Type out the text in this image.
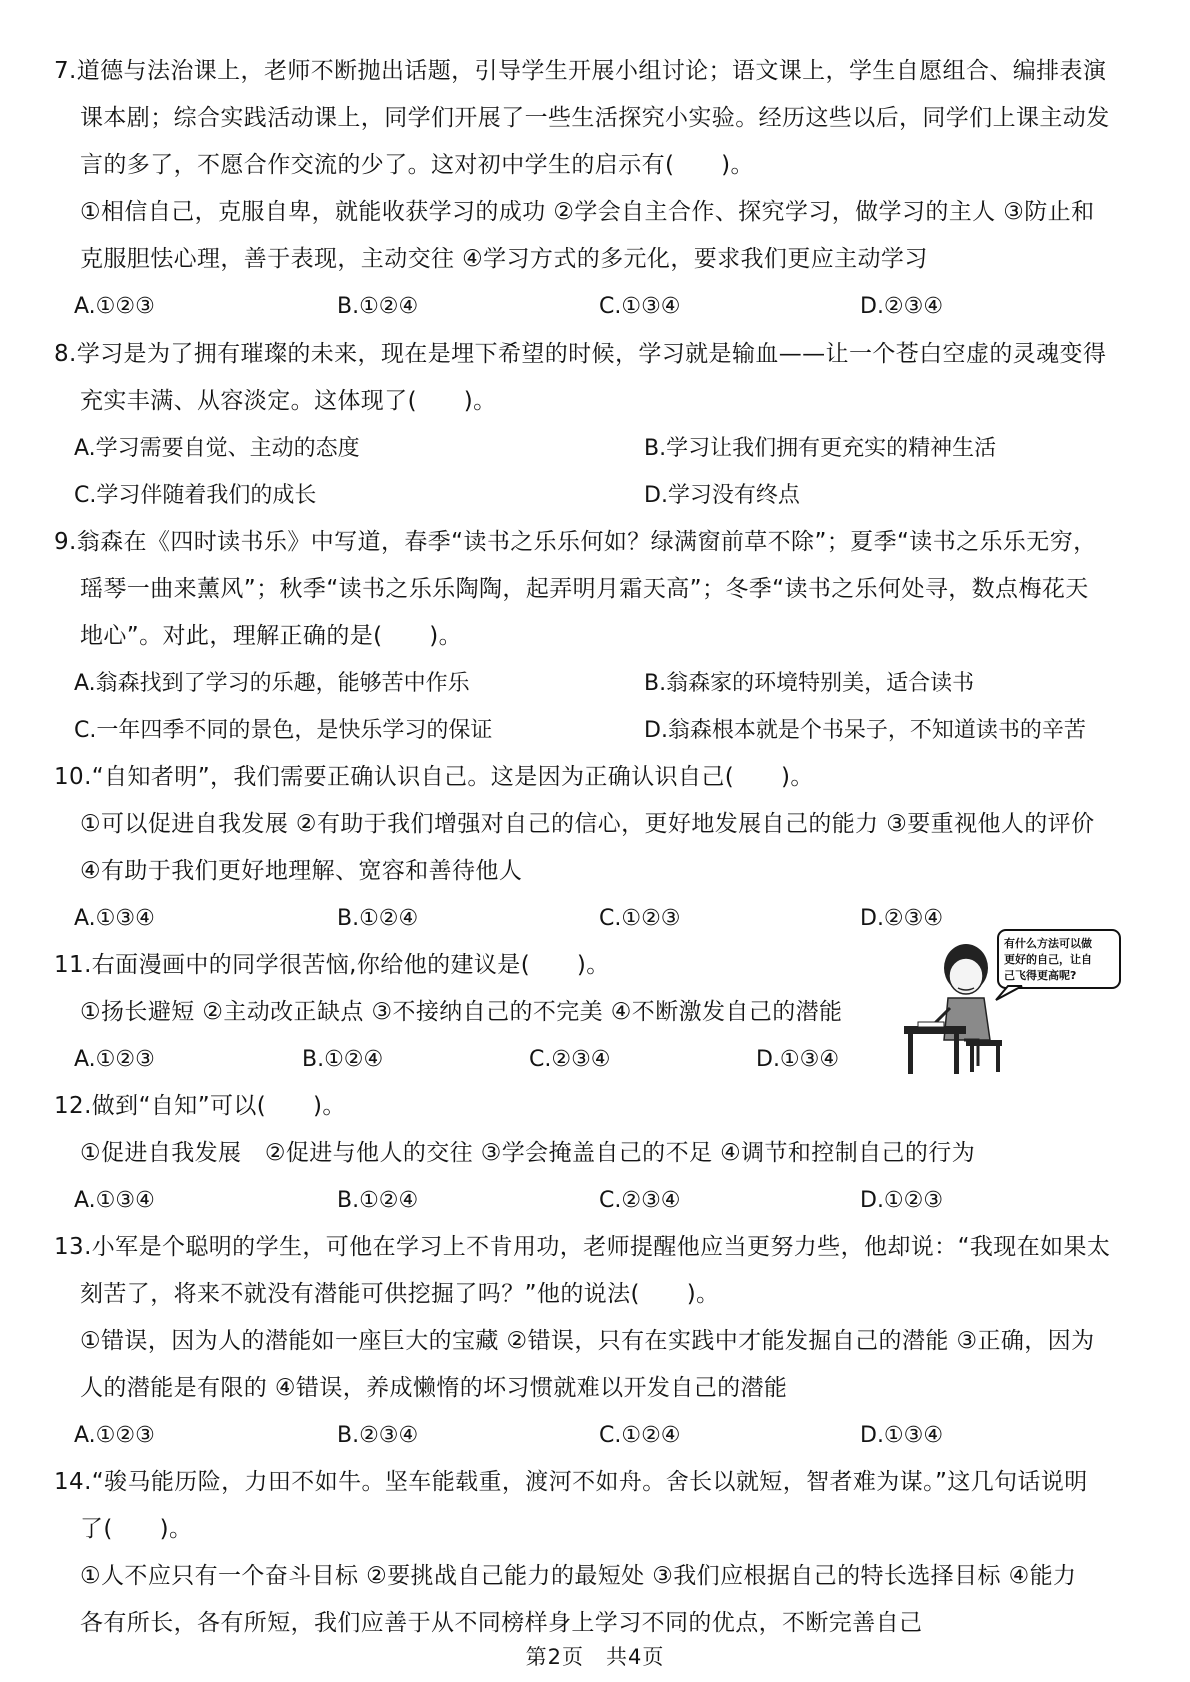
7.道德与法治课上，老师不断抛出话题，引导学生开展小组讨论；语文课上，学生自愿组合、编排表演
课本剧；综合实践活动课上，同学们开展了一些生活探究小实验。经历这些以后，同学们上课主动发
言的多了，不愿合作交流的少了。这对初中学生的启示有(　　)。
①相信自己，克服自卑，就能收获学习的成功 ②学会自主合作、探究学习，做学习的主人 ③防止和
克服胆怯心理，善于表现，主动交往 ④学习方式的多元化，要求我们更应主动学习
A.①②③	B.①②④	C.①③④	D.②③④
8.学习是为了拥有璀璨的未来，现在是埋下希望的时候，学习就是输血——让一个苍白空虚的灵魂变得
充实丰满、从容淡定。这体现了(　　)。
A.学习需要自觉、主动的态度	B.学习让我们拥有更充实的精神生活
C.学习伴随着我们的成长	D.学习没有终点
9.翁森在《四时读书乐》中写道，春季“读书之乐乐何如？绿满窗前草不除”；夏季“读书之乐乐无穷，
瑶琴一曲来薰风”；秋季“读书之乐乐陶陶，起弄明月霜天高”；冬季“读书之乐何处寻，数点梅花天
地心”。对此，理解正确的是(　　)。
A.翁森找到了学习的乐趣，能够苦中作乐	B.翁森家的环境特别美，适合读书
C.一年四季不同的景色，是快乐学习的保证	D.翁森根本就是个书呆子，不知道读书的辛苦
10.“自知者明”，我们需要正确认识自己。这是因为正确认识自己(　　)。
①可以促进自我发展 ②有助于我们增强对自己的信心，更好地发展自己的能力 ③要重视他人的评价
④有助于我们更好地理解、宽容和善待他人
A.①③④	B.①②④	C.①②③	D.②③④
11.右面漫画中的同学很苦恼,你给他的建议是(　　)。
①扬长避短 ②主动改正缺点 ③不接纳自己的不完美 ④不断激发自己的潜能
A.①②③	B.①②④	C.②③④	D.①③④
有什么方法可以做
更好的自己，让自
己飞得更高呢?
12.做到“自知”可以(　　)。
①促进自我发展　②促进与他人的交往 ③学会掩盖自己的不足 ④调节和控制自己的行为
A.①③④	B.①②④	C.②③④	D.①②③
13.小军是个聪明的学生，可他在学习上不肯用功，老师提醒他应当更努力些，他却说：“我现在如果太
刻苦了，将来不就没有潜能可供挖掘了吗？”他的说法(　　)。
①错误，因为人的潜能如一座巨大的宝藏 ②错误，只有在实践中才能发掘自己的潜能 ③正确，因为
人的潜能是有限的 ④错误，养成懒惰的坏习惯就难以开发自己的潜能
A.①②③	B.②③④	C.①②④	D.①③④
14.“骏马能历险，力田不如牛。坚车能载重，渡河不如舟。舍长以就短，智者难为谋。”这几句话说明
了(　　)。
①人不应只有一个奋斗目标 ②要挑战自己能力的最短处 ③我们应根据自己的特长选择目标 ④能力
各有所长，各有所短，我们应善于从不同榜样身上学习不同的优点，不断完善自己
第2页　共4页
